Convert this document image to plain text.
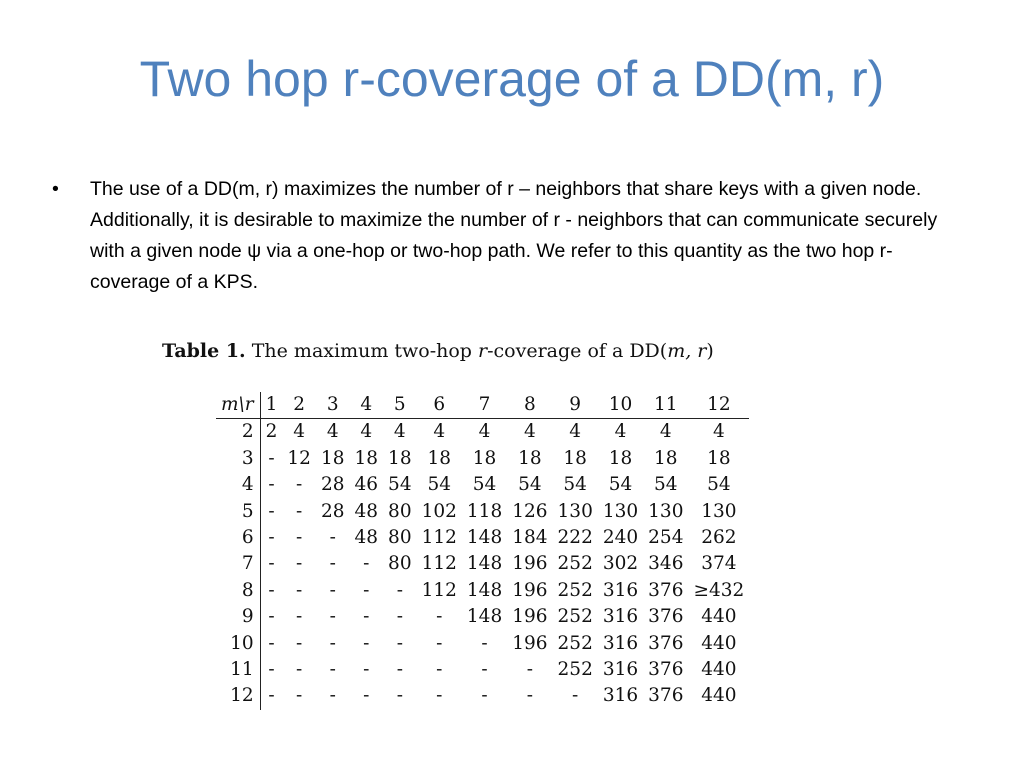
Two hop r-coverage of a DD(m, r)
•	The use of a DD(m, r) maximizes the number of r – neighbors that share keys with a given node. Additionally, it is desirable to maximize the number of r - neighbors that can communicate securely with a given node ψ via a one-hop or two-hop path. We refer to this quantity as the two hop r-coverage of a KPS.
Table 1. The maximum two-hop r-coverage of a DD(m, r)
m\r	1	2	3	4	5	6	7	8	9	10	11	12
2	2	4	4	4	4	4	4	4	4	4	4	4
3	-	12	18	18	18	18	18	18	18	18	18	18
4	-	-	28	46	54	54	54	54	54	54	54	54
5	-	-	28	48	80	102	118	126	130	130	130	130
6	-	-	-	48	80	112	148	184	222	240	254	262
7	-	-	-	-	80	112	148	196	252	302	346	374
8	-	-	-	-	-	112	148	196	252	316	376	≥432
9	-	-	-	-	-	-	148	196	252	316	376	440
10	-	-	-	-	-	-	-	196	252	316	376	440
11	-	-	-	-	-	-	-	-	252	316	376	440
12	-	-	-	-	-	-	-	-	-	316	376	440
